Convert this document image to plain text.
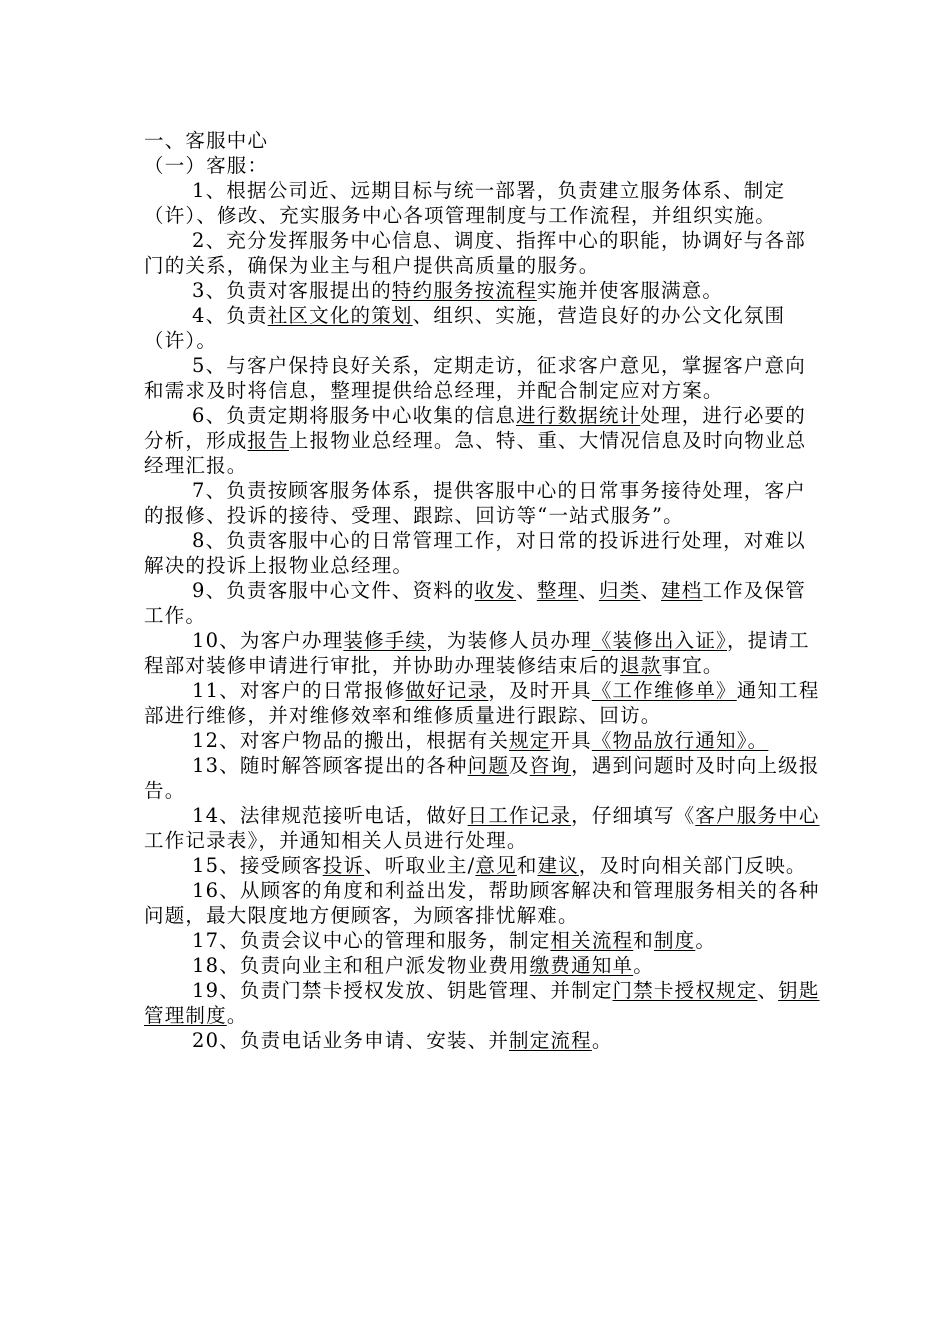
一、客服中心

（一）客服：

1、根据公司近、远期目标与统一部署，负责建立服务体系、制定（许）、修改、充实服务中心各项管理制度与工作流程，并组织实施。

2、充分发挥服务中心信息、调度、指挥中心的职能，协调好与各部门的关系，确保为业主与租户提供高质量的服务。

3、负责对客服提出的特约服务按流程实施并使客服满意。

4、负责社区文化的策划、组织、实施，营造良好的办公文化氛围（许）。

5、与客户保持良好关系，定期走访，征求客户意见，掌握客户意向和需求及时将信息，整理提供给总经理，并配合制定应对方案。

6、负责定期将服务中心收集的信息进行数据统计处理，进行必要的分析，形成报告上报物业总经理。急、特、重、大情况信息及时向物业总经理汇报。

7、负责按顾客服务体系，提供客服中心的日常事务接待处理，客户的报修、投诉的接待、受理、跟踪、回访等“一站式服务”。

8、负责客服中心的日常管理工作，对日常的投诉进行处理，对难以解决的投诉上报物业总经理。

9、负责客服中心文件、资料的收发、整理、归类、建档工作及保管工作。

10、为客户办理装修手续，为装修人员办理《装修出入证》，提请工程部对装修申请进行审批，并协助办理装修结束后的退款事宜。

11、对客户的日常报修做好记录，及时开具《工作维修单》通知工程部进行维修，并对维修效率和维修质量进行跟踪、回访。

12、对客户物品的搬出，根据有关规定开具《物品放行通知》。

13、随时解答顾客提出的各种问题及咨询，遇到问题时及时向上级报告。

14、法律规范接听电话，做好日工作记录，仔细填写《客户服务中心工作记录表》，并通知相关人员进行处理。

15、接受顾客投诉、听取业主/意见和建议，及时向相关部门反映。

16、从顾客的角度和利益出发，帮助顾客解决和管理服务相关的各种问题，最大限度地方便顾客，为顾客排忧解难。

17、负责会议中心的管理和服务，制定相关流程和制度。

18、负责向业主和租户派发物业费用缴费通知单。

19、负责门禁卡授权发放、钥匙管理、并制定门禁卡授权规定、钥匙管理制度。

20、负责电话业务申请、安装、并制定流程。
